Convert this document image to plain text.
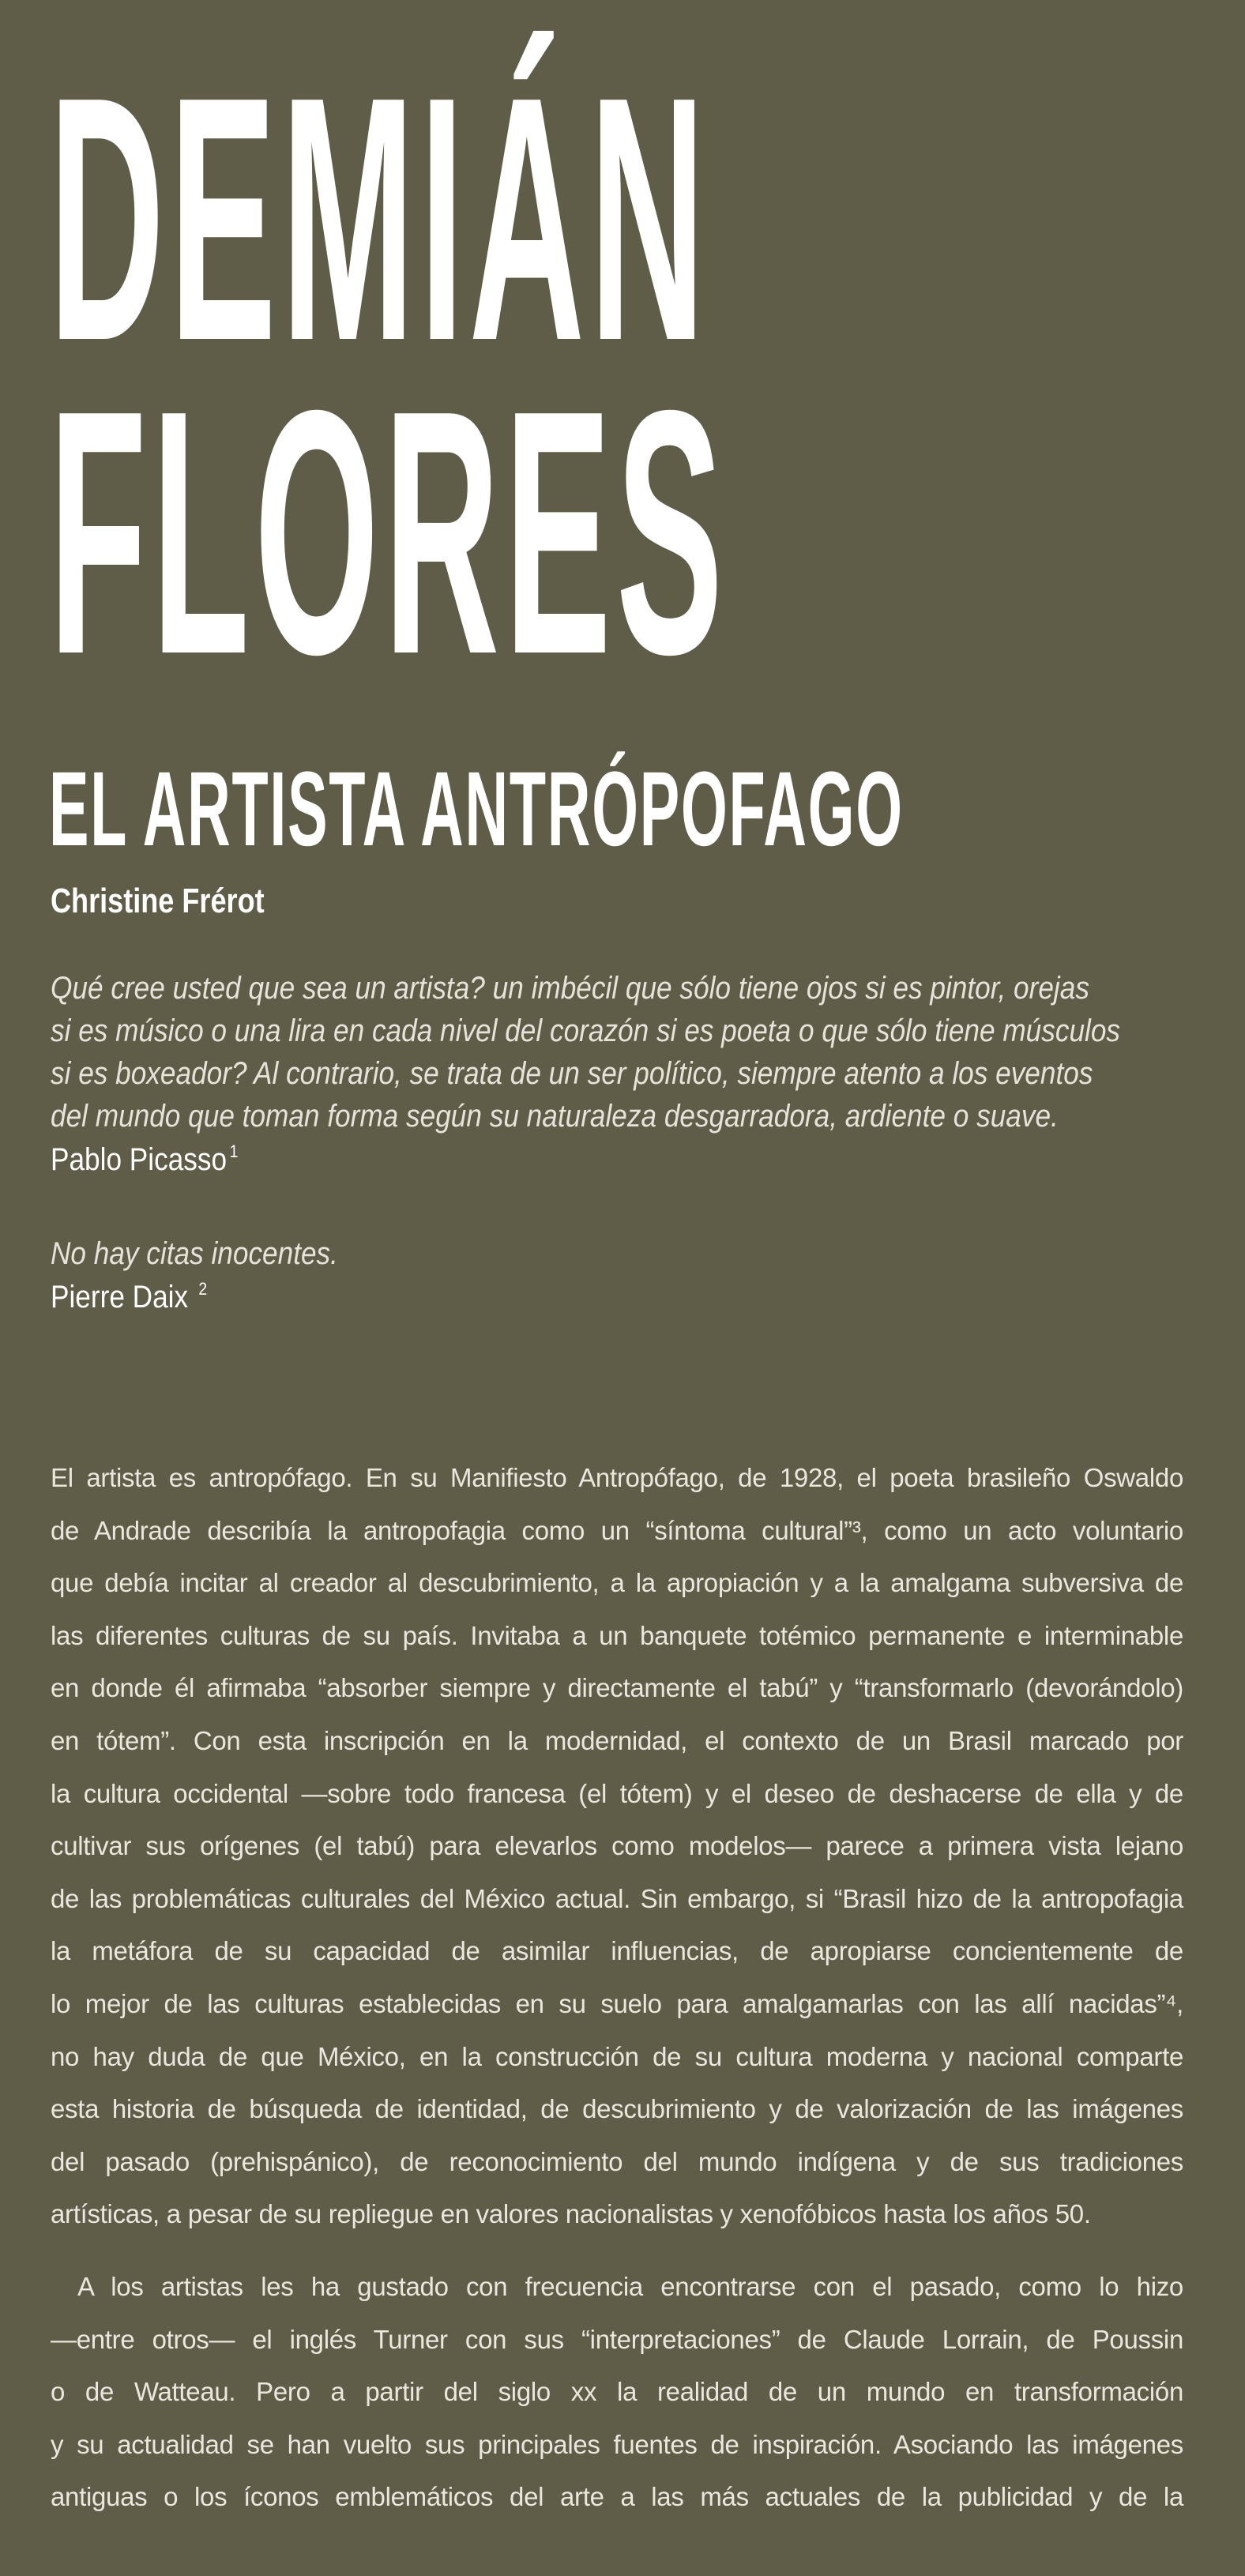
DEMIÁN
FLORES
EL ARTISTA ANTRÓPOFAGO
Christine Frérot
Qué cree usted que sea un artista? un imbécil que sólo tiene ojos si es pintor, orejas
si es músico o una lira en cada nivel del corazón si es poeta o que sólo tiene músculos
si es boxeador? Al contrario, se trata de un ser político, siempre atento a los eventos
del mundo que toman forma según su naturaleza desgarradora, ardiente o suave.
Pablo Picasso $^1$
No hay citas inocentes.
Pierre Daix $^2$
El artista es antropófago. En su Manifiesto Antropófago, de 1928, el poeta brasileño Oswaldo
de Andrade describía la antropofagia como un “síntoma cultural”³, como un acto voluntario
que debía incitar al creador al descubrimiento, a la apropiación y a la amalgama subversiva de
las diferentes culturas de su país. Invitaba a un banquete totémico permanente e interminable
en donde él afirmaba “absorber siempre y directamente el tabú” y “transformarlo (devorándolo)
en tótem”. Con esta inscripción en la modernidad, el contexto de un Brasil marcado por
la cultura occidental —sobre todo francesa (el tótem) y el deseo de deshacerse de ella y de
cultivar sus orígenes (el tabú) para elevarlos como modelos— parece a primera vista lejano
de las problemáticas culturales del México actual. Sin embargo, si “Brasil hizo de la antropofagia
la metáfora de su capacidad de asimilar influencias, de apropiarse concientemente de
lo mejor de las culturas establecidas en su suelo para amalgamarlas con las allí nacidas”⁴,
no hay duda de que México, en la construcción de su cultura moderna y nacional comparte
esta historia de búsqueda de identidad, de descubrimiento y de valorización de las imágenes
del pasado (prehispánico), de reconocimiento del mundo indígena y de sus tradiciones
artísticas, a pesar de su repliegue en valores nacionalistas y xenofóbicos hasta los años 50.
A los artistas les ha gustado con frecuencia encontrarse con el pasado, como lo hizo
—entre otros— el inglés Turner con sus “interpretaciones” de Claude Lorrain, de Poussin
o de Watteau. Pero a partir del siglo xx la realidad de un mundo en transformación
y su actualidad se han vuelto sus principales fuentes de inspiración. Asociando las imágenes
antiguas o los íconos emblemáticos del arte a las más actuales de la publicidad y de la
